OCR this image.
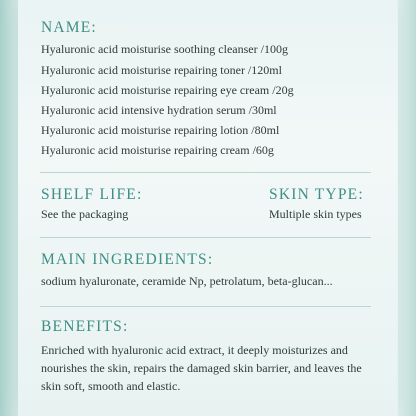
NAME:
Hyaluronic acid moisturise soothing cleanser /100g
Hyaluronic acid moisturise repairing toner /120ml
Hyaluronic acid moisturise repairing eye cream /20g
Hyaluronic acid intensive hydration serum /30ml
Hyaluronic acid moisturise repairing lotion /80ml
Hyaluronic acid moisturise repairing cream /60g
SHELF LIFE:
See the packaging
SKIN TYPE:
Multiple skin types
MAIN INGREDIENTS:
sodium hyaluronate, ceramide Np, petrolatum, beta-glucan...
BENEFITS:
Enriched with hyaluronic acid extract, it deeply moisturizes and nourishes the skin, repairs the damaged skin barrier, and leaves the skin soft, smooth and elastic.
